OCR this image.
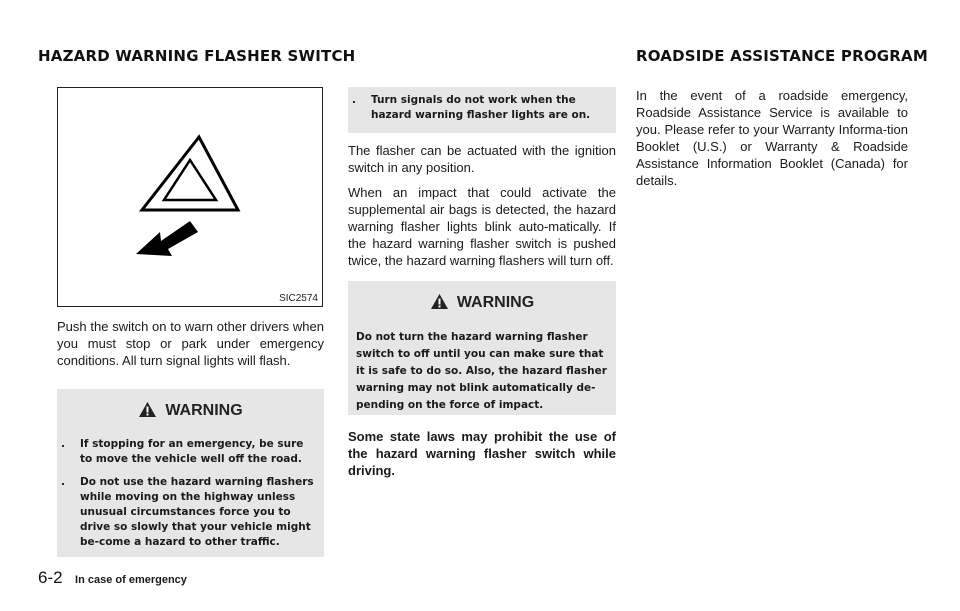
HAZARD WARNING FLASHER SWITCH	ROADSIDE ASSISTANCE PROGRAM
SIC2574

Push the switch on to warn other drivers when you must stop or park under emergency conditions. All turn signal lights will flash.

WARNING
. If stopping for an emergency, be sure to move the vehicle well off the road.
. Do not use the hazard warning flashers while moving on the highway unless unusual circumstances force you to drive so slowly that your vehicle might be-come a hazard to other traffic.
. Turn signals do not work when the hazard warning flasher lights are on.

The flasher can be actuated with the ignition switch in any position.

When an impact that could activate the supplemental air bags is detected, the hazard warning flasher lights blink auto-matically. If the hazard warning flasher switch is pushed twice, the hazard warning flashers will turn off.

WARNING

Do not turn the hazard warning flasher switch to off until you can make sure that it is safe to do so. Also, the hazard flasher warning may not blink automatically de-pending on the force of impact.

Some state laws may prohibit the use of the hazard warning flasher switch while driving.

In the event of a roadside emergency, Roadside Assistance Service is available to you. Please refer to your Warranty Informa-tion Booklet (U.S.) or Warranty & Roadside Assistance Information Booklet (Canada) for details.

6-2 In case of emergency
